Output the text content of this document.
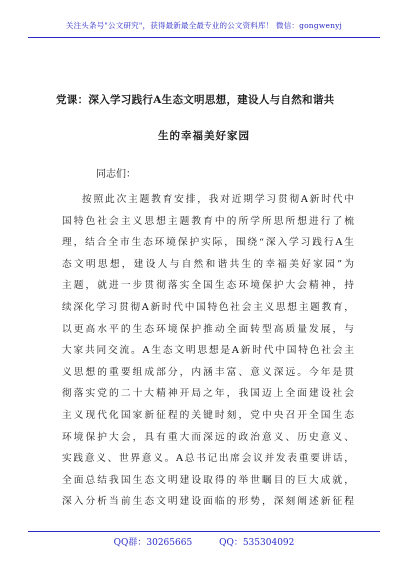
关注头条号"公文研究"，获得最新最全最专业的公文资料库！ 微信：gongwenyj
党课：深入学习践行A生态文明思想，建设人与自然和谐共
生的幸福美好家园
同志们：
按照此次主题教育安排，我对近期学习贯彻A新时代中
国特色社会主义思想主题教育中的所学所思所想进行了梳
理，结合全市生态环境保护实际，围绕“深入学习践行A生
态文明思想，建设人与自然和谐共生的幸福美好家园”为
主题，就进一步贯彻落实全国生态环境保护大会精神，持
续深化学习贯彻A新时代中国特色社会主义思想主题教育，
以更高水平的生态环境保护推动全面转型高质量发展，与
大家共同交流。A生态文明思想是A新时代中国特色社会主
义思想的重要组成部分，内涵丰富、意义深远。今年是贯
彻落实党的二十大精神开局之年，我国迈上全面建设社会
主义现代化国家新征程的关键时刻，党中央召开全国生态
环境保护大会，具有重大而深远的政治意义、历史意义、
实践意义、世界意义。A总书记出席会议并发表重要讲话，
全面总结我国生态文明建设取得的举世瞩目的巨大成就，
深入分析当前生态文明建设面临的形势，深刻阐述新征程
QQ群：30265665	QQ：535304092
